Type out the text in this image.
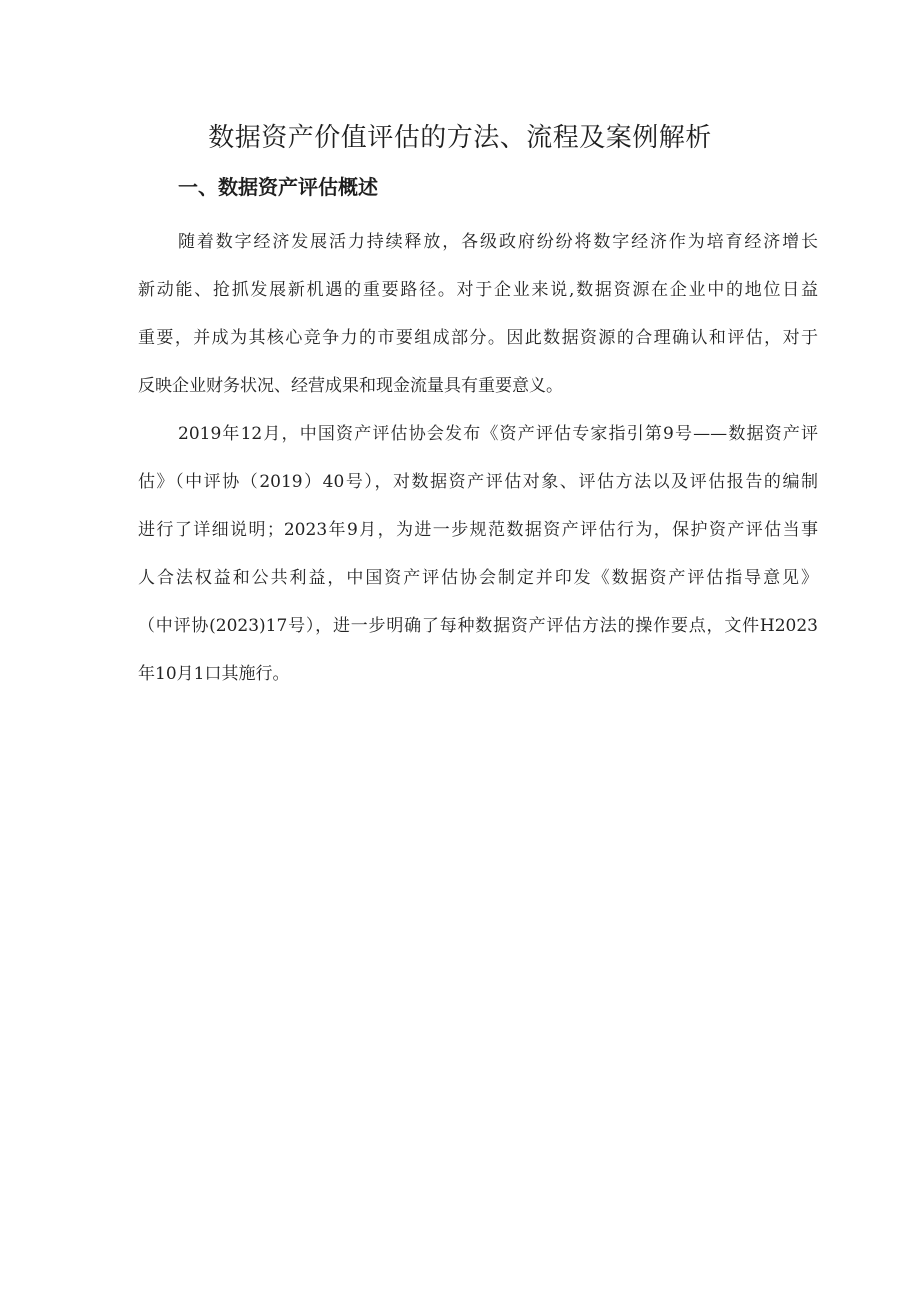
数据资产价值评估的方法、流程及案例解析
一、数据资产评估概述

随着数字经济发展活力持续释放，各级政府纷纷将数字经济作为培育经济增长
新动能、抢抓发展新机遇的重要路径。对于企业来说,数据资源在企业中的地位日益
重要，并成为其核心竞争力的市要组成部分。因此数据资源的合理确认和评估，对于
反映企业财务状况、经营成果和现金流量具有重要意义。

2019年12月，中国资产评估协会发布《资产评估专家指引第9号——数据资产评
估》（中评协（2019）40号），对数据资产评估对象、评估方法以及评估报告的编制
进行了详细说明；2023年9月，为进一步规范数据资产评估行为，保护资产评估当事
人合法权益和公共利益，中国资产评估协会制定并印发《数据资产评估指导意见》
（中评协(2023)17号），进一步明确了每种数据资产评估方法的操作要点，文件H2023
年10月1口其施行。
